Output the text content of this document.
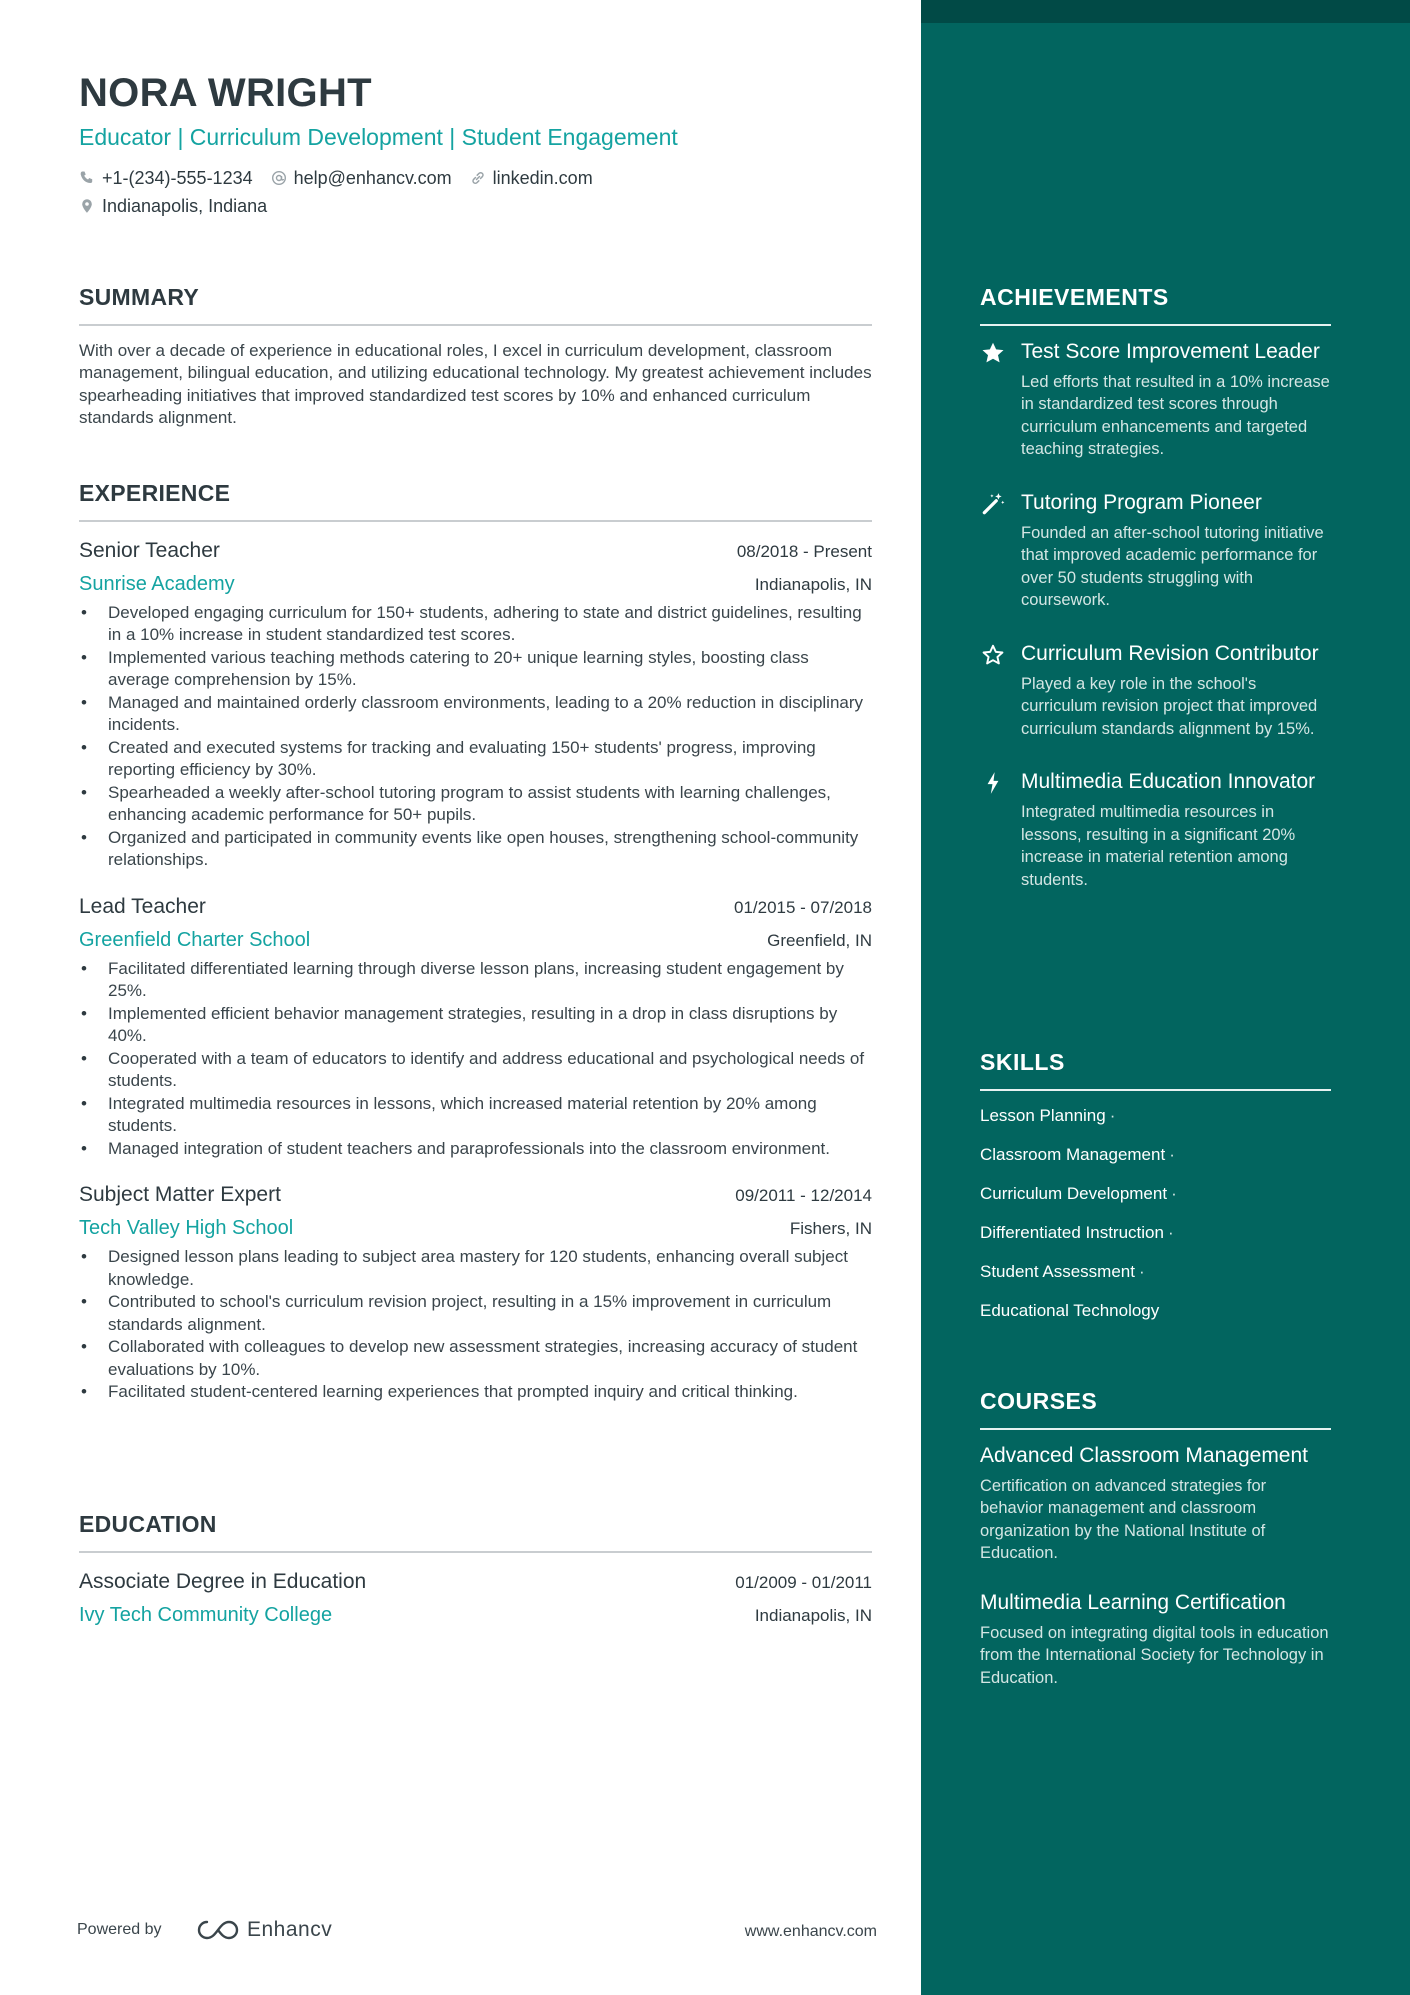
NORA WRIGHT
Educator | Curriculum Development | Student Engagement
+1-(234)-555-1234 help@enhancv.com linkedin.com
Indianapolis, Indiana
SUMMARY

With over a decade of experience in educational roles, I excel in curriculum development, classroom management, bilingual education, and utilizing educational technology. My greatest achievement includes spearheading initiatives that improved standardized test scores by 10% and enhanced curriculum standards alignment.

EXPERIENCE
Senior Teacher	08/2018 - Present
Sunrise Academy	Indianapolis, IN
• Developed engaging curriculum for 150+ students, adhering to state and district guidelines, resulting in a 10% increase in student standardized test scores.
• Implemented various teaching methods catering to 20+ unique learning styles, boosting class average comprehension by 15%.
• Managed and maintained orderly classroom environments, leading to a 20% reduction in disciplinary incidents.
• Created and executed systems for tracking and evaluating 150+ students' progress, improving reporting efficiency by 30%.
• Spearheaded a weekly after-school tutoring program to assist students with learning challenges, enhancing academic performance for 50+ pupils.
• Organized and participated in community events like open houses, strengthening school-community relationships.
Lead Teacher	01/2015 - 07/2018
Greenfield Charter School	Greenfield, IN
• Facilitated differentiated learning through diverse lesson plans, increasing student engagement by 25%.
• Implemented efficient behavior management strategies, resulting in a drop in class disruptions by 40%.
• Cooperated with a team of educators to identify and address educational and psychological needs of students.
• Integrated multimedia resources in lessons, which increased material retention by 20% among students.
• Managed integration of student teachers and paraprofessionals into the classroom environment.
Subject Matter Expert	09/2011 - 12/2014
Tech Valley High School	Fishers, IN
• Designed lesson plans leading to subject area mastery for 120 students, enhancing overall subject knowledge.
• Contributed to school's curriculum revision project, resulting in a 15% improvement in curriculum standards alignment.
• Collaborated with colleagues to develop new assessment strategies, increasing accuracy of student evaluations by 10%.
• Facilitated student-centered learning experiences that prompted inquiry and critical thinking.
EDUCATION
Associate Degree in Education	01/2009 - 01/2011
Ivy Tech Community College	Indianapolis, IN
ACHIEVEMENTS
Test Score Improvement Leader
Led efforts that resulted in a 10% increase in standardized test scores through curriculum enhancements and targeted teaching strategies.
Tutoring Program Pioneer
Founded an after-school tutoring initiative that improved academic performance for over 50 students struggling with coursework.
Curriculum Revision Contributor
Played a key role in the school's curriculum revision project that improved curriculum standards alignment by 15%.
Multimedia Education Innovator
Integrated multimedia resources in lessons, resulting in a significant 20% increase in material retention among students.
SKILLS
Lesson Planning ·
Classroom Management ·
Curriculum Development ·
Differentiated Instruction ·
Student Assessment ·
Educational Technology
COURSES
Advanced Classroom Management
Certification on advanced strategies for behavior management and classroom organization by the National Institute of Education.
Multimedia Learning Certification
Focused on integrating digital tools in education from the International Society for Technology in Education.
Powered by	Enhancv	www.enhancv.com
